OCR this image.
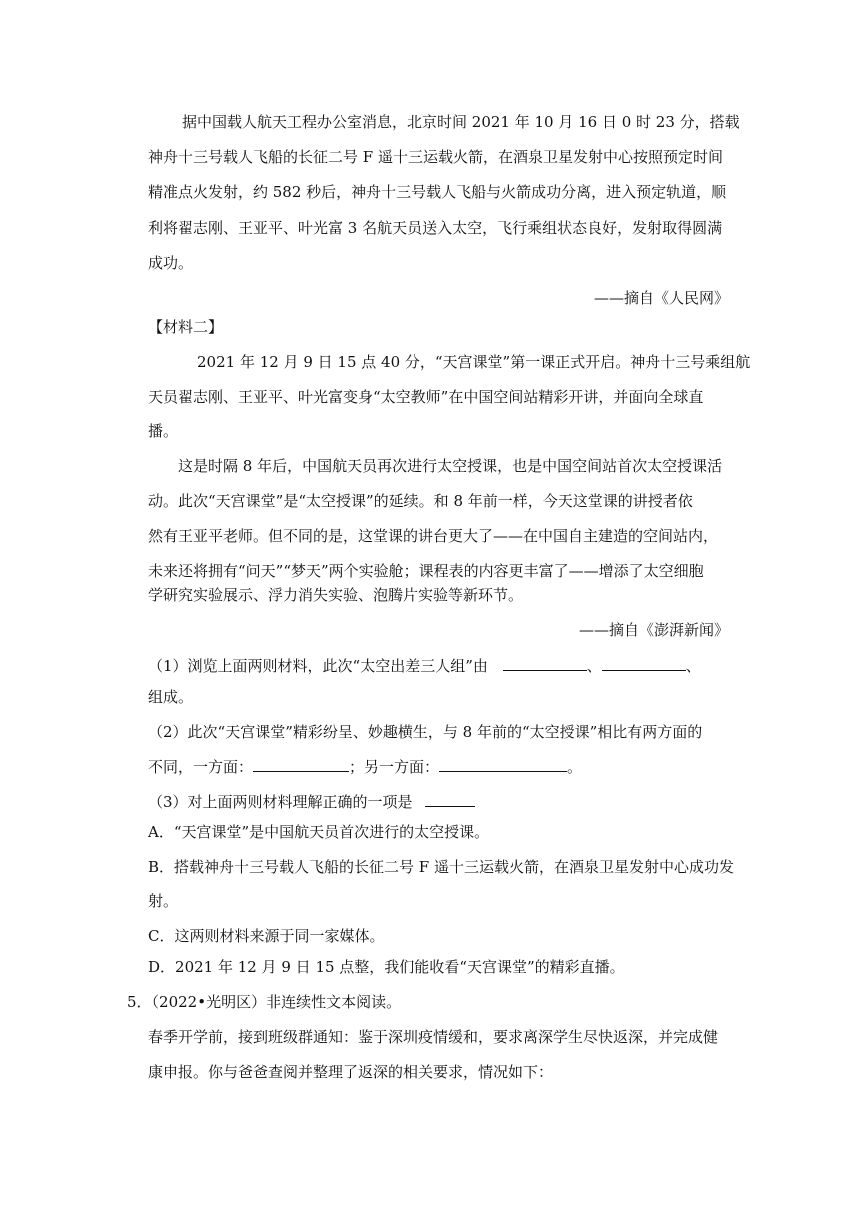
据中国载人航天工程办公室消息，北京时间 2021 年 10 月 16 日 0 时 23 分，搭载
神舟十三号载人飞船的长征二号 F 遥十三运载火箭，在酒泉卫星发射中心按照预定时间
精准点火发射，约 582 秒后，神舟十三号载人飞船与火箭成功分离，进入预定轨道，顺
利将翟志刚、王亚平、叶光富 3 名航天员送入太空，飞行乘组状态良好，发射取得圆满
成功。
——摘自《人民网》
【材料二】
2021 年 12 月 9 日 15 点 40 分，“天宫课堂”第一课正式开启。神舟十三号乘组航
天员翟志刚、王亚平、叶光富变身“太空教师”在中国空间站精彩开讲，并面向全球直
播。
这是时隔 8 年后，中国航天员再次进行太空授课，也是中国空间站首次太空授课活
动。此次“天宫课堂”是“太空授课”的延续。和 8 年前一样，今天这堂课的讲授者依
然有王亚平老师。但不同的是，这堂课的讲台更大了——在中国自主建造的空间站内，
未来还将拥有“问天”“梦天”两个实验舱；课程表的内容更丰富了——增添了太空细胞
学研究实验展示、浮力消失实验、泡腾片实验等新环节。
——摘自《澎湃新闻》
（1）浏览上面两则材料，此次“太空出差三人组”由	、	、
组成。
（2）此次“天宫课堂”精彩纷呈、妙趣横生，与 8 年前的“太空授课”相比有两方面的
不同，一方面：	；另一方面：	。
（3）对上面两则材料理解正确的一项是
A．“天宫课堂”是中国航天员首次进行的太空授课。
B．搭载神舟十三号载人飞船的长征二号 F 遥十三运载火箭，在酒泉卫星发射中心成功发
射。
C．这两则材料来源于同一家媒体。
D．2021 年 12 月 9 日 15 点整，我们能收看“天宫课堂”的精彩直播。
5．（2022•光明区）非连续性文本阅读。
春季开学前，接到班级群通知：鉴于深圳疫情缓和，要求离深学生尽快返深，并完成健
康申报。你与爸爸查阅并整理了返深的相关要求，情况如下：
